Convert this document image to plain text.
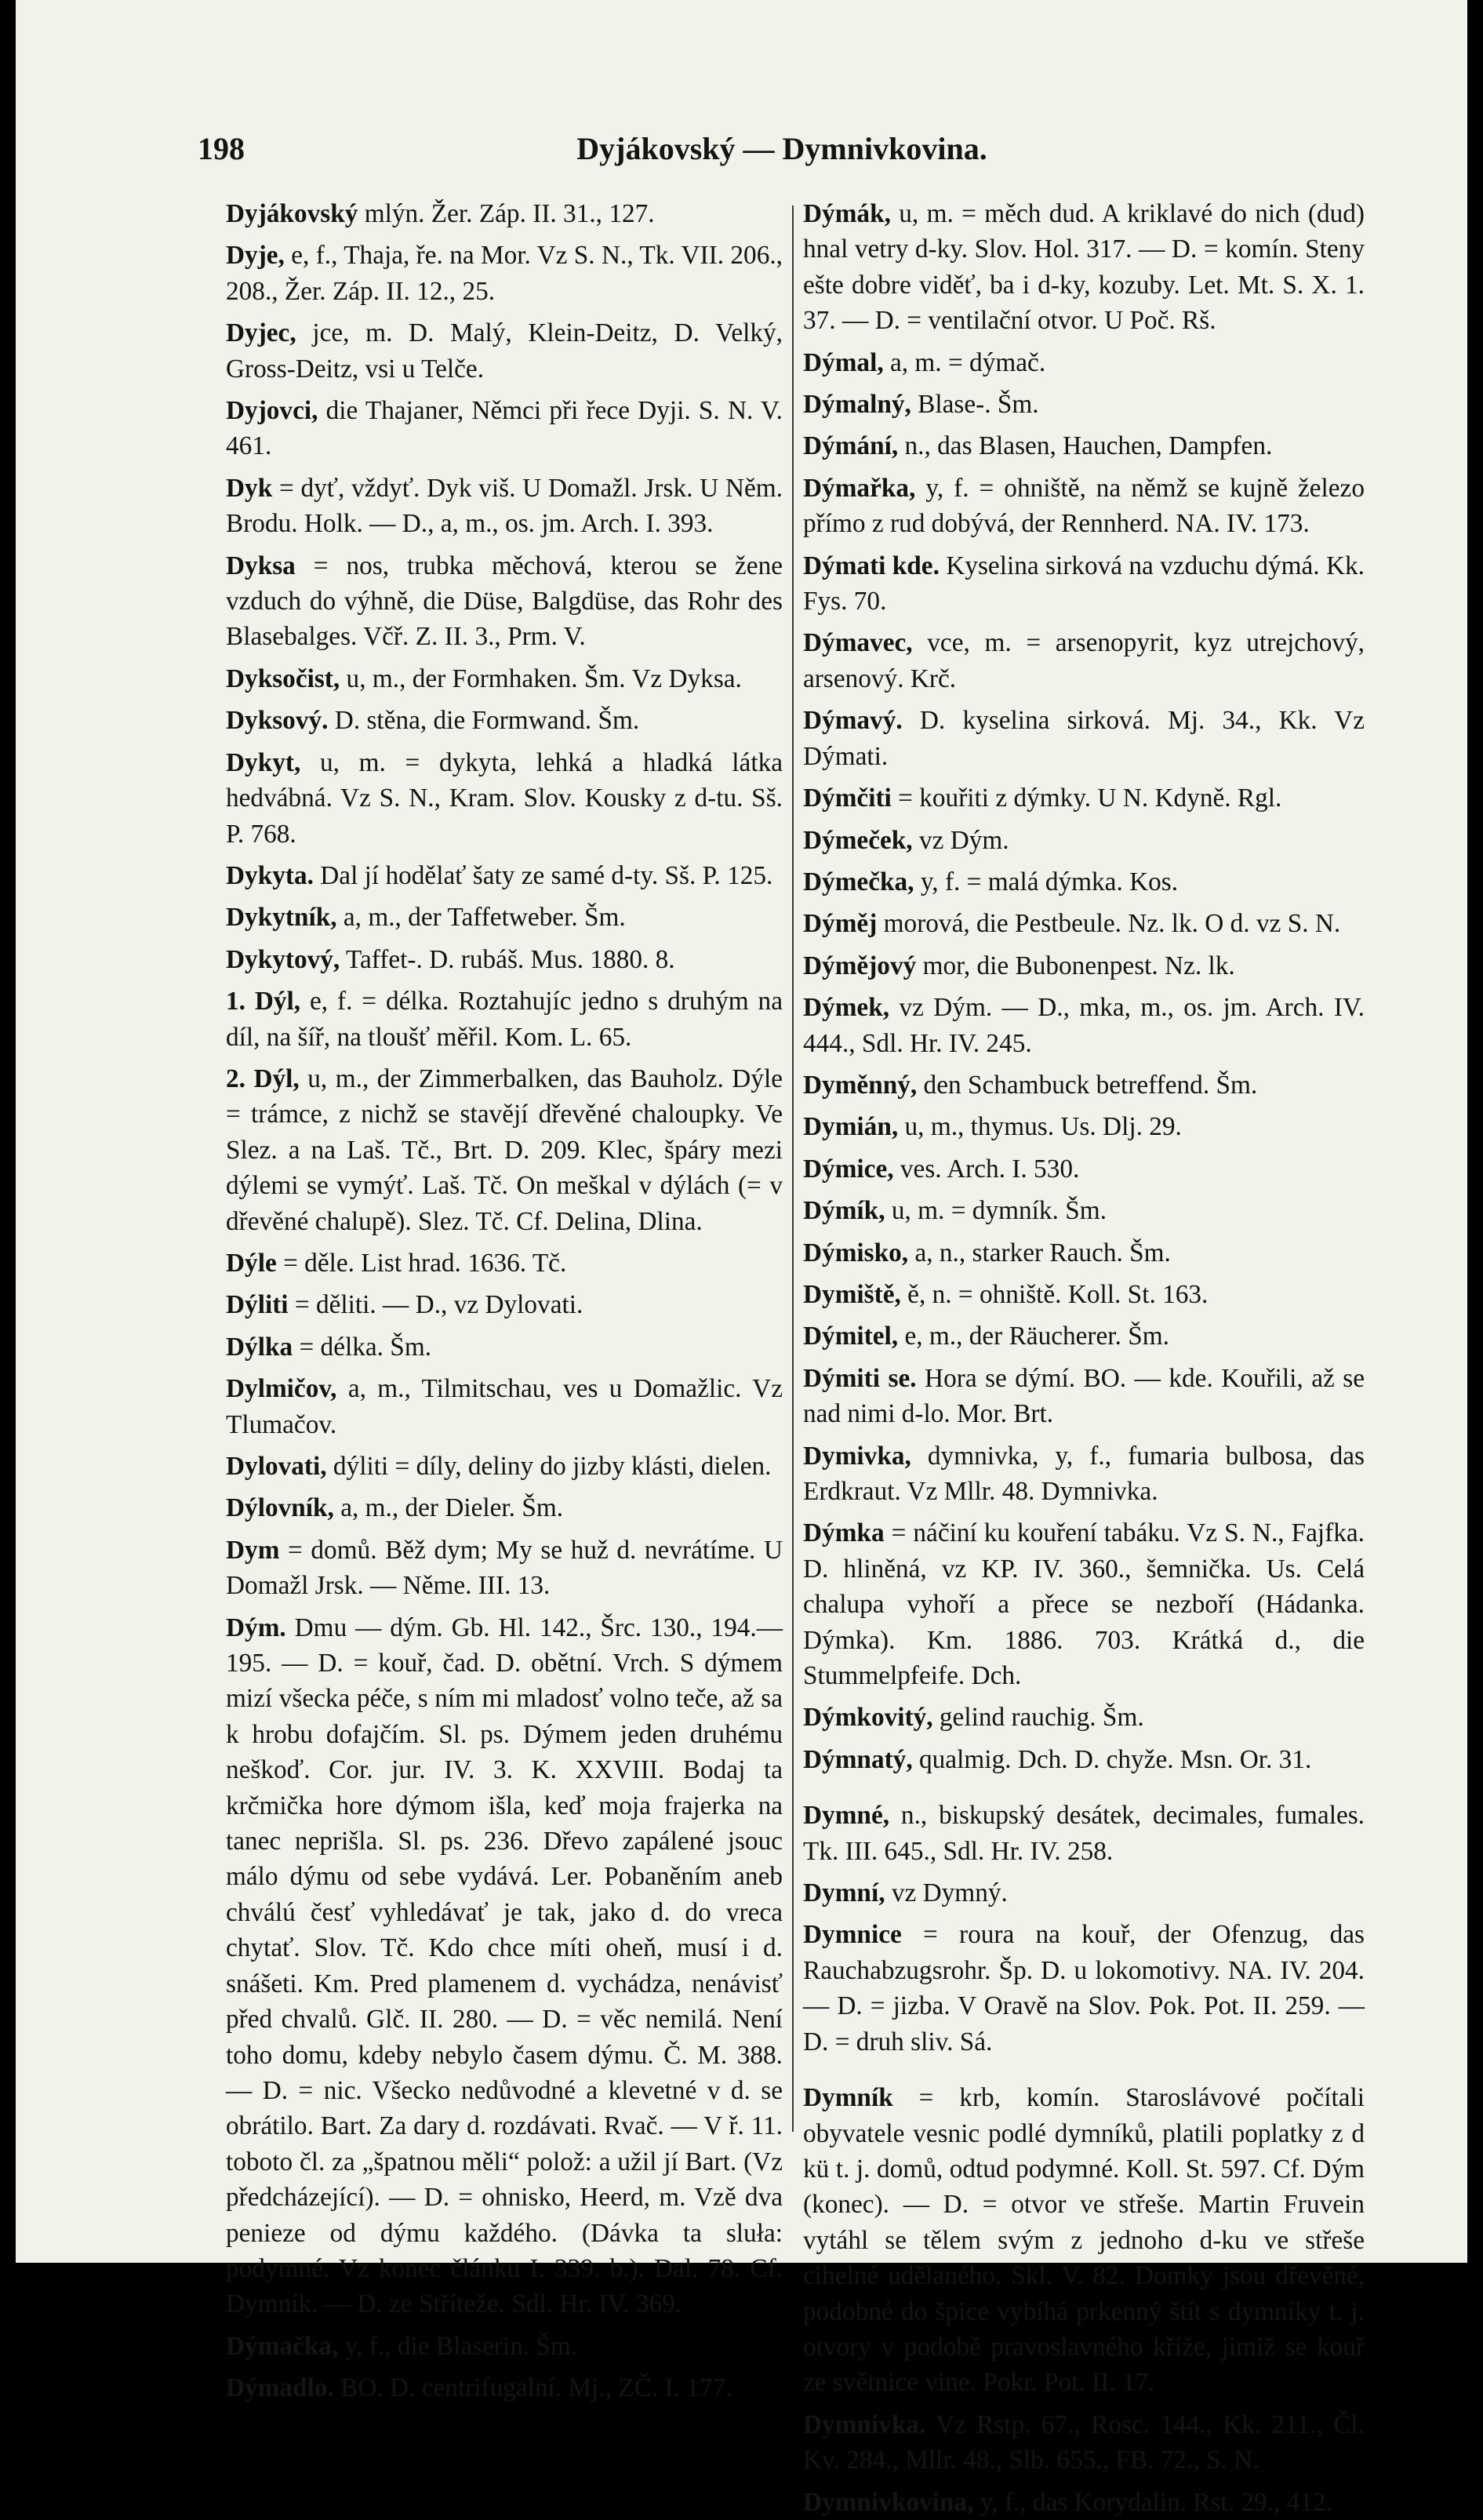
198	Dyjákovský — Dymnivkovina.

Dyjákovský mlýn. Žer. Záp. II. 31., 127.

Dyje, e, f., Thaja, ře. na Mor. Vz S. N., Tk. VII. 206., 208., Žer. Záp. II. 12., 25.

Dyjec, jce, m. D. Malý, Klein-Deitz, D. Velký, Gross-Deitz, vsi u Telče.

Dyjovci, die Thajaner, Němci při řece Dyji. S. N. V. 461.

Dyk = dyť, vždyť. Dyk viš. U Domažl. Jrsk. U Něm. Brodu. Holk. — D., a, m., os. jm. Arch. I. 393.

Dyksa = nos, trubka měchová, kterou se žene vzduch do výhně, die Düse, Balgdüse, das Rohr des Blasebalges. Včř. Z. II. 3., Prm. V.

Dyksočist, u, m., der Formhaken. Šm. Vz Dyksa.

Dyksový. D. stěna, die Formwand. Šm.

Dykyt, u, m. = dykyta, lehká a hladká látka hedvábná. Vz S. N., Kram. Slov. Kousky z d-tu. Sš. P. 768.

Dykyta. Dal jí hodělať šaty ze samé d-ty. Sš. P. 125.

Dykytník, a, m., der Taffetweber. Šm.

Dykytový, Taffet-. D. rubáš. Mus. 1880. 8.

1. Dýl, e, f. = délka. Roztahujíc jedno s druhým na díl, na šíř, na tloušť měřil. Kom. L. 65.

2. Dýl, u, m., der Zimmerbalken, das Bauholz. Dýle = trámce, z nichž se stavějí dřevěné chaloupky. Ve Slez. a na Laš. Tč., Brt. D. 209. Klec, špáry mezi dýlemi se vymýť. Laš. Tč. On meškal v dýlách (= v dřevěné chalupě). Slez. Tč. Cf. Delina, Dlina.

Dýle = děle. List hrad. 1636. Tč.

Dýliti = děliti. — D., vz Dylovati.

Dýlka = délka. Šm.

Dylmičov, a, m., Tilmitschau, ves u Domažlic. Vz Tlumačov.

Dylovati, dýliti = díly, deliny do jizby klásti, dielen.

Dýlovník, a, m., der Dieler. Šm.

Dym = domů. Běž dym; My se huž d. nevrátíme. U Domažl Jrsk. — Něme. III. 13.

Dým. Dmu — dým. Gb. Hl. 142., Šrc. 130., 194.—195. — D. = kouř, čad. D. obětní. Vrch. S dýmem mizí všecka péče, s ním mi mladosť volno teče, až sa k hrobu dofajčím. Sl. ps. Dýmem jeden druhému neškoď. Cor. jur. IV. 3. K. XXVIII. Bodaj ta krčmička hore dýmom išla, keď moja frajerka na tanec neprišla. Sl. ps. 236. Dřevo zapálené jsouc málo dýmu od sebe vydává. Ler. Pobaněním aneb chválú česť vyhledávať je tak, jako d. do vreca chytať. Slov. Tč. Kdo chce míti oheň, musí i d. snášeti. Km. Pred plamenem d. vychádza, nenávisť před chvalů. Glč. II. 280. — D. = věc nemilá. Není toho domu, kdeby nebylo časem dýmu. Č. M. 388. — D. = nic. Všecko nedůvodné a klevetné v d. se obrátilo. Bart. Za dary d. rozdávati. Rvač. — V ř. 11. toboto čl. za „špatnou měli“ polož: a užil jí Bart. (Vz předcházející). — D. = ohnisko, Heerd, m. Vzě dva penieze od dýmu každého. (Dávka ta sluła: podymné. Vz konec článku I. 339. b.). Dal. 78. Cf. Dymník. — D. ze Stříteže. Sdl. Hr. IV. 369.

Dýmačka, y, f., die Blaserin. Šm.

Dýmadlo. BO. D. centrifugalní. Mj., ZČ. I. 177.

Dýmák, u, m. = měch dud. A kriklavé do nich (dud) hnal vetry d-ky. Slov. Hol. 317. — D. = komín. Steny ešte dobre viděť, ba i d-ky, kozuby. Let. Mt. S. X. 1. 37. — D. = ventilační otvor. U Poč. Rš.

Dýmal, a, m. = dýmač.

Dýmalný, Blase-. Šm.

Dýmání, n., das Blasen, Hauchen, Dampfen.

Dýmařka, y, f. = ohniště, na němž se kujně železo přímo z rud dobývá, der Rennherd. NA. IV. 173.

Dýmati kde. Kyselina sirková na vzduchu dýmá. Kk. Fys. 70.

Dýmavec, vce, m. = arsenopyrit, kyz utrejchový, arsenový. Krč.

Dýmavý. D. kyselina sirková. Mj. 34., Kk. Vz Dýmati.

Dýmčiti = kouřiti z dýmky. U N. Kdyně. Rgl.

Dýmeček, vz Dým.

Dýmečka, y, f. = malá dýmka. Kos.

Dýměj morová, die Pestbeule. Nz. lk. O d. vz S. N.

Dýmějový mor, die Bubonenpest. Nz. lk.

Dýmek, vz Dým. — D., mka, m., os. jm. Arch. IV. 444., Sdl. Hr. IV. 245.

Dyměnný, den Schambuck betreffend. Šm.

Dymián, u, m., thymus. Us. Dlj. 29.

Dýmice, ves. Arch. I. 530.

Dýmík, u, m. = dymník. Šm.

Dýmisko, a, n., starker Rauch. Šm.

Dymiště, ě, n. = ohniště. Koll. St. 163.

Dýmitel, e, m., der Räucherer. Šm.

Dýmiti se. Hora se dýmí. BO. — kde. Kouřili, až se nad nimi d-lo. Mor. Brt.

Dymivka, dymnivka, y, f., fumaria bulbosa, das Erdkraut. Vz Mllr. 48. Dymnivka.

Dýmka = náčiní ku kouření tabáku. Vz S. N., Fajfka. D. hliněná, vz KP. IV. 360., šemnička. Us. Celá chalupa vyhoří a přece se nezboří (Hádanka. Dýmka). Km. 1886. 703. Krátká d., die Stummelpfeife. Dch.

Dýmkovitý, gelind rauchig. Šm.

Dýmnatý, qualmig. Dch. D. chyže. Msn. Or. 31.

Dymné, n., biskupský desátek, decimales, fumales. Tk. III. 645., Sdl. Hr. IV. 258.

Dymní, vz Dymný.

Dymnice = roura na kouř, der Ofenzug, das Rauchabzugsrohr. Šp. D. u lokomotivy. NA. IV. 204. — D. = jizba. V Oravě na Slov. Pok. Pot. II. 259. — D. = druh sliv. Sá.

Dymník = krb, komín. Staroslávové počítali obyvatele vesnic podlé dymníků, platili poplatky z d kü t. j. domů, odtud podymné. Koll. St. 597. Cf. Dým (konec). — D. = otvor ve střeše. Martin Fruvein vytáhl se tělem svým z jednoho d-ku ve střeše cihelné udělaného. Skl. V. 82. Domky jsou dřevěné, podobné do špice vybíhá prkenný štít s dymníky t. j. otvory v podobě pravoslavného kříže, jimiž se kouř ze světnice vine. Pokr. Pot. II. 17.

Dymnivka. Vz Rstp. 67., Rosc. 144., Kk. 211., Čl. Kv. 284., Mllr. 48., Slb. 655., FB. 72., S. N.

Dymnivkovina, y, f., das Korydalin. Rst. 29., 412.
